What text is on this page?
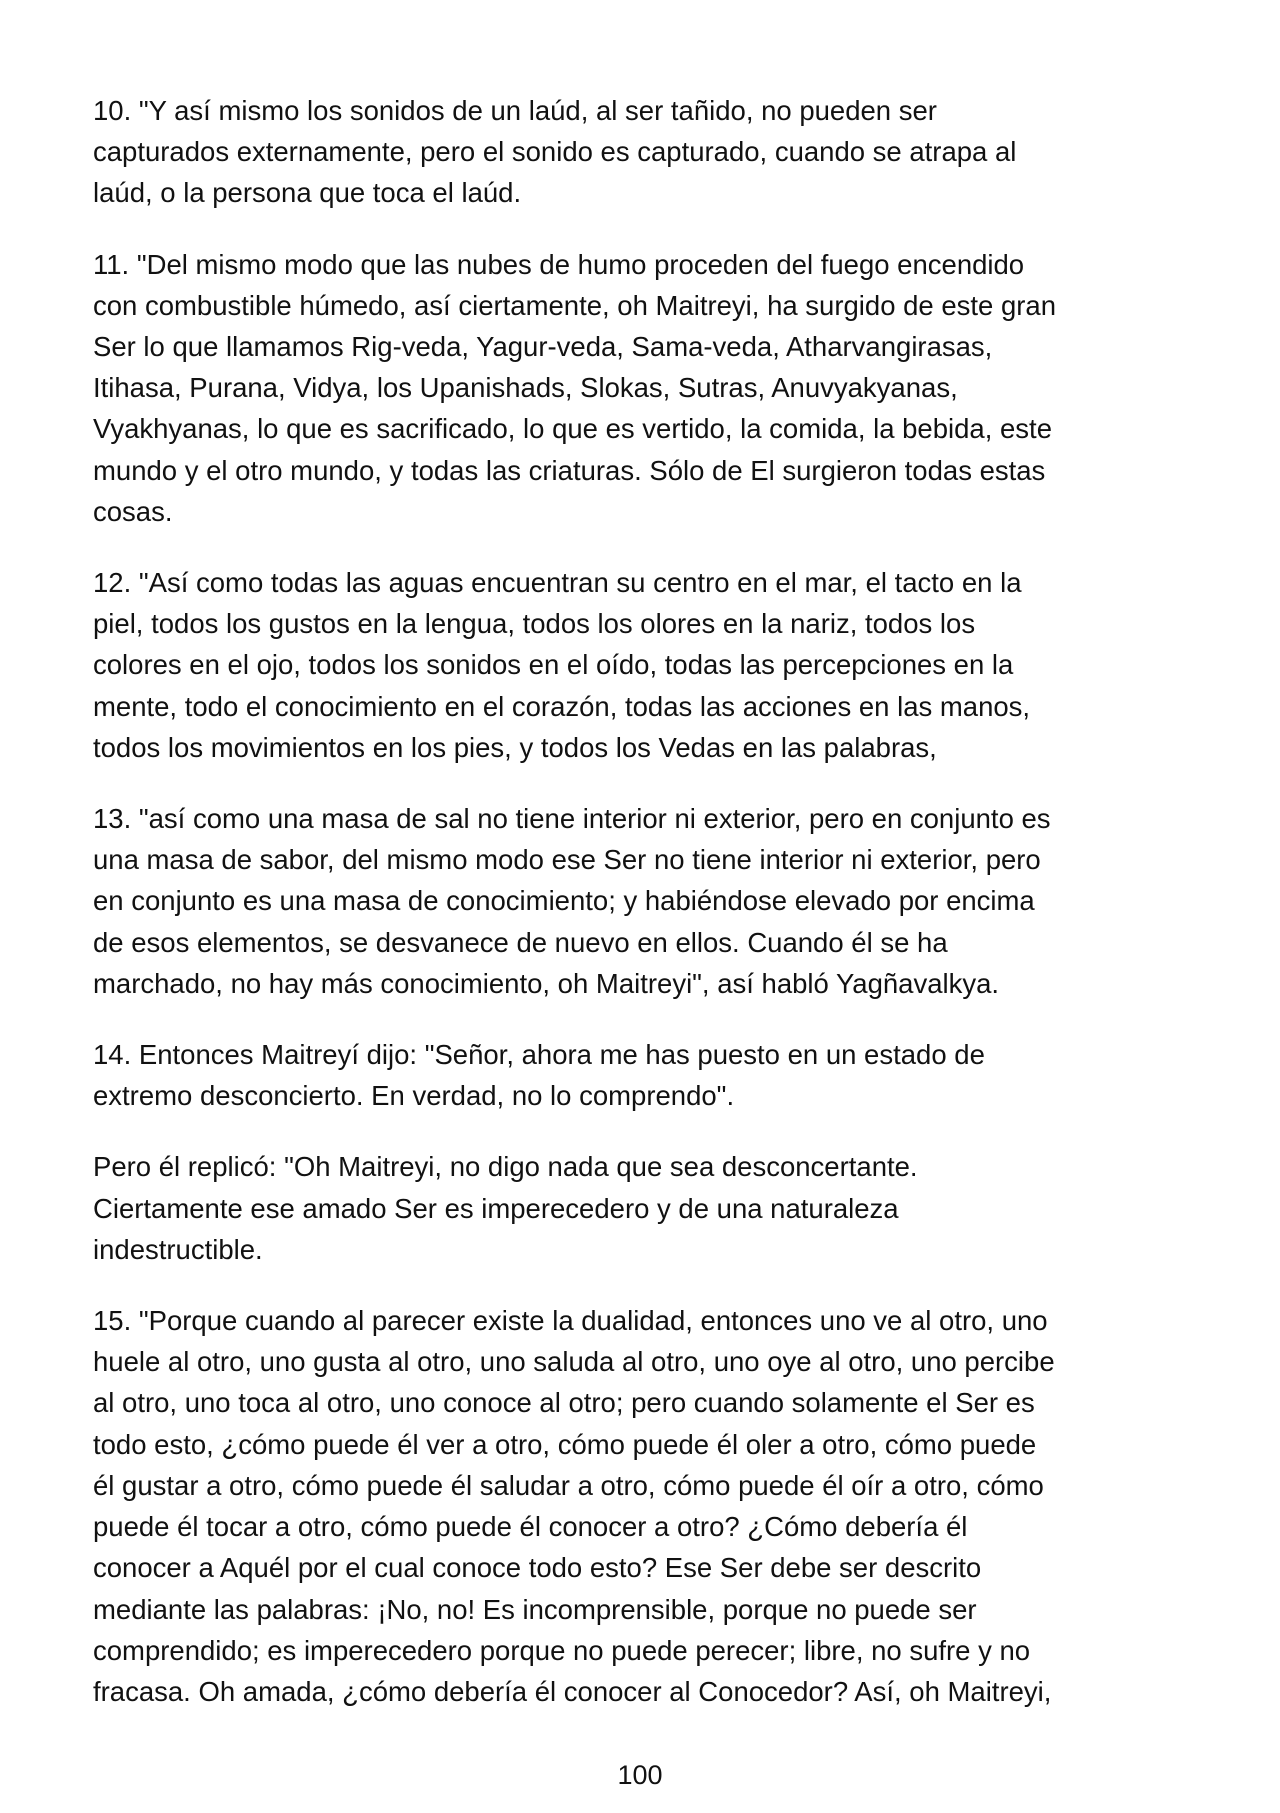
10. "Y así mismo los sonidos de un laúd, al ser tañido, no pueden ser
capturados externamente, pero el sonido es capturado, cuando se atrapa al
laúd, o la persona que toca el laúd.

11. "Del mismo modo que las nubes de humo proceden del fuego encendido
con combustible húmedo, así ciertamente, oh Maitreyi, ha surgido de este gran
Ser lo que llamamos Rig-veda, Yagur-veda, Sama-veda, Atharvangirasas,
Itihasa, Purana, Vidya, los Upanishads, Slokas, Sutras, Anuvyakyanas,
Vyakhyanas, lo que es sacrificado, lo que es vertido, la comida, la bebida, este
mundo y el otro mundo, y todas las criaturas. Sólo de El surgieron todas estas
cosas.

12. "Así como todas las aguas encuentran su centro en el mar, el tacto en la
piel, todos los gustos en la lengua, todos los olores en la nariz, todos los
colores en el ojo, todos los sonidos en el oído, todas las percepciones en la
mente, todo el conocimiento en el corazón, todas las acciones en las manos,
todos los movimientos en los pies, y todos los Vedas en las palabras,

13. "así como una masa de sal no tiene interior ni exterior, pero en conjunto es
una masa de sabor, del mismo modo ese Ser no tiene interior ni exterior, pero
en conjunto es una masa de conocimiento; y habiéndose elevado por encima
de esos elementos, se desvanece de nuevo en ellos. Cuando él se ha
marchado, no hay más conocimiento, oh Maitreyi", así habló Yagñavalkya.

14. Entonces Maitreyí dijo: "Señor, ahora me has puesto en un estado de
extremo desconcierto. En verdad, no lo comprendo".

Pero él replicó: "Oh Maitreyi, no digo nada que sea desconcertante.
Ciertamente ese amado Ser es imperecedero y de una naturaleza
indestructible.

15. "Porque cuando al parecer existe la dualidad, entonces uno ve al otro, uno
huele al otro, uno gusta al otro, uno saluda al otro, uno oye al otro, uno percibe
al otro, uno toca al otro, uno conoce al otro; pero cuando solamente el Ser es
todo esto, ¿cómo puede él ver a otro, cómo puede él oler a otro, cómo puede
él gustar a otro, cómo puede él saludar a otro, cómo puede él oír a otro, cómo
puede él tocar a otro, cómo puede él conocer a otro? ¿Cómo debería él
conocer a Aquél por el cual conoce todo esto? Ese Ser debe ser descrito
mediante las palabras: ¡No, no! Es incomprensible, porque no puede ser
comprendido; es imperecedero porque no puede perecer; libre, no sufre y no
fracasa. Oh amada, ¿cómo debería él conocer al Conocedor? Así, oh Maitreyi,

100
